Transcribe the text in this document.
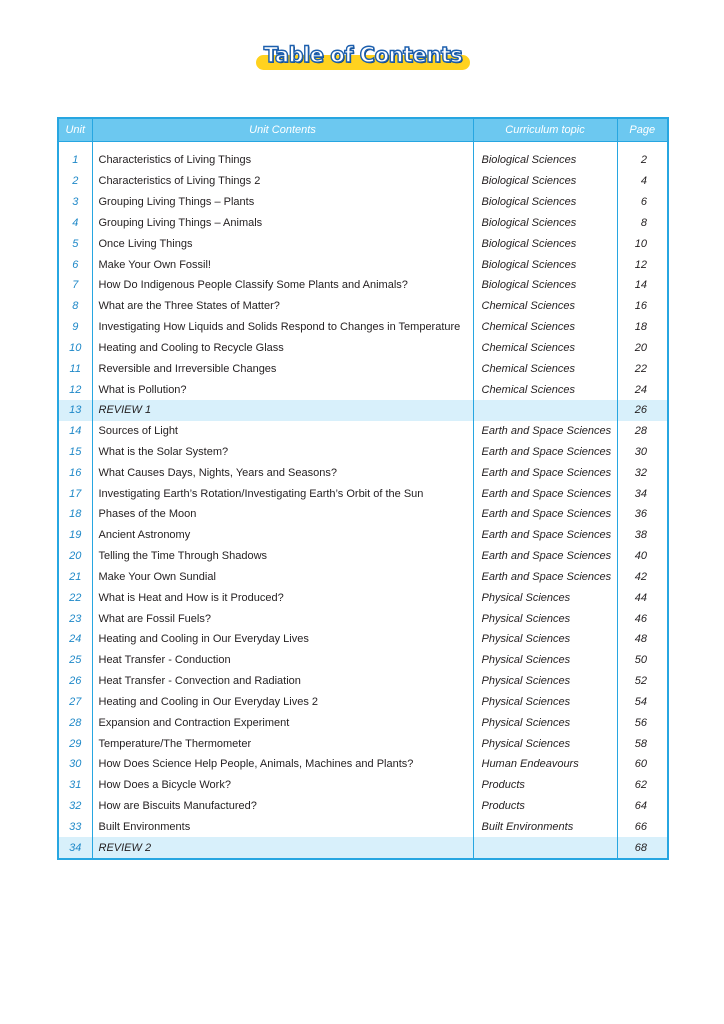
Table of Contents
Unit	Unit Contents	Curriculum topic	Page

1	Characteristics of Living Things	Biological Sciences	2
2	Characteristics of Living Things 2	Biological Sciences	4
3	Grouping Living Things – Plants	Biological Sciences	6
4	Grouping Living Things – Animals	Biological Sciences	8
5	Once Living Things	Biological Sciences	10
6	Make Your Own Fossil!	Biological Sciences	12
7	How Do Indigenous People Classify Some Plants and Animals?	Biological Sciences	14
8	What are the Three States of Matter?	Chemical Sciences	16
9	Investigating How Liquids and Solids Respond to Changes in Temperature	Chemical Sciences	18
10	Heating and Cooling to Recycle Glass	Chemical Sciences	20
11	Reversible and Irreversible Changes	Chemical Sciences	22
12	What is Pollution?	Chemical Sciences	24
13	REVIEW 1		26
14	Sources of Light	Earth and Space Sciences	28
15	What is the Solar System?	Earth and Space Sciences	30
16	What Causes Days, Nights, Years and Seasons?	Earth and Space Sciences	32
17	Investigating Earth’s Rotation/Investigating Earth’s Orbit of the Sun	Earth and Space Sciences	34
18	Phases of the Moon	Earth and Space Sciences	36
19	Ancient Astronomy	Earth and Space Sciences	38
20	Telling the Time Through Shadows	Earth and Space Sciences	40
21	Make Your Own Sundial	Earth and Space Sciences	42
22	What is Heat and How is it Produced?	Physical Sciences	44
23	What are Fossil Fuels?	Physical Sciences	46
24	Heating and Cooling in Our Everyday Lives	Physical Sciences	48
25	Heat Transfer - Conduction	Physical Sciences	50
26	Heat Transfer - Convection and Radiation	Physical Sciences	52
27	Heating and Cooling in Our Everyday Lives 2	Physical Sciences	54
28	Expansion and Contraction Experiment	Physical Sciences	56
29	Temperature/The Thermometer	Physical Sciences	58
30	How Does Science Help People, Animals, Machines and Plants?	Human Endeavours	60
31	How Does a Bicycle Work?	Products	62
32	How are Biscuits Manufactured?	Products	64
33	Built Environments	Built Environments	66
34	REVIEW 2		68
